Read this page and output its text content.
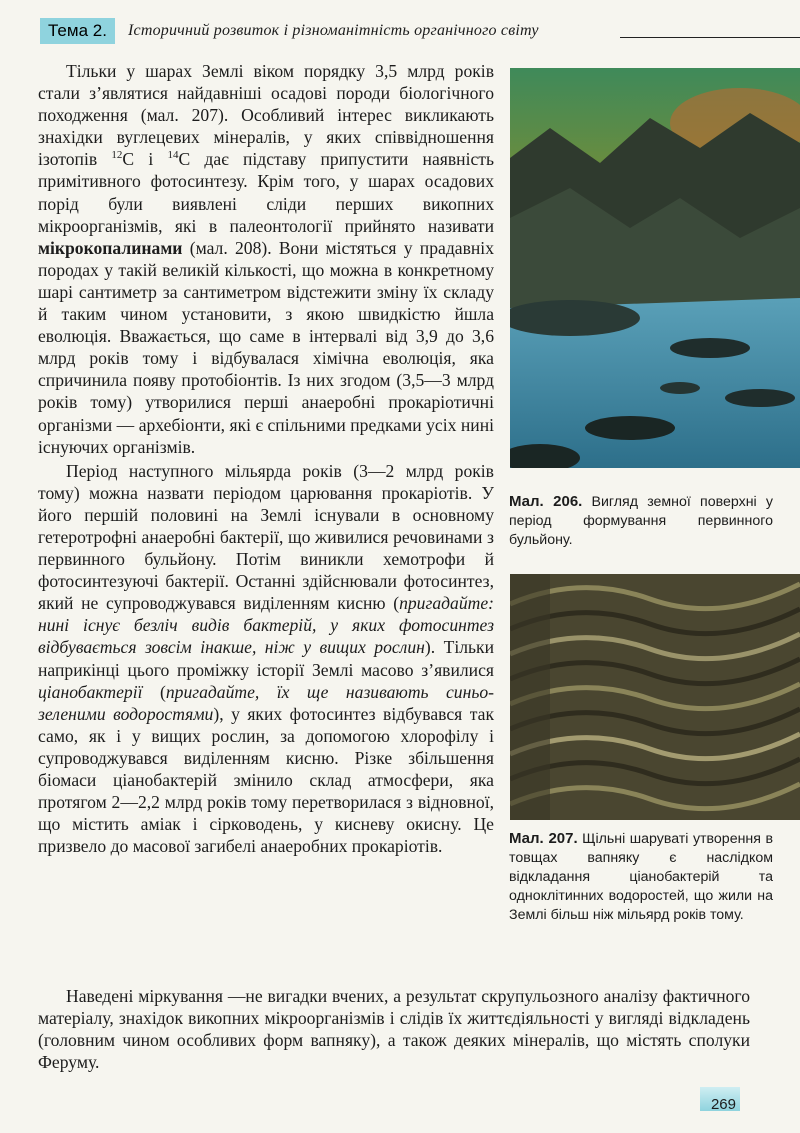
Тема 2.	Історичний розвиток і різноманітність органічного світу

Тільки у шарах Землі віком порядку 3,5 млрд років стали з’являтися найдавніші осадові породи біологічного походження (мал. 207). Особливий інтерес викликають знахідки вуглецевих мінералів, у яких співвідношення ізотопів $^{12}$С і $^{14}$С дає підставу припустити наявність примітивного фотосинтезу. Крім того, у шарах осадових порід були виявлені сліди перших викопних мікроорганізмів, які в палеонтології прийнято називати мікрокопалинами (мал. 208). Вони містяться у прадавніх породах у такій великій кількості, що можна в конкретному шарі сантиметр за сантиметром відстежити зміну їх складу й таким чином установити, з якою швидкістю йшла еволюція. Вважається, що саме в інтервалі від 3,9 до 3,6 млрд років тому і відбувалася хімічна еволюція, яка спричинила появу протобіонтів. Із них згодом (3,5—3 млрд років тому) утворилися перші анаеробні прокаріотичні організми — архебіонти, які є спільними предками усіх нині існуючих організмів.

Період наступного мільярда років (3—2 млрд років тому) можна назвати періодом царювання прокаріотів. У його першій половині на Землі існували в основному гетеротрофні анаеробні бактерії, що живилися речовинами з первинного бульйону. Потім виникли хемотрофи й фотосинтезуючі бактерії. Останні здійснювали фотосинтез, який не супроводжувався виділенням кисню (пригадайте: нині існує безліч видів бактерій, у яких фотосинтез відбувається зовсім інакше, ніж у вищих рослин). Тільки наприкінці цього проміжку історії Землі масово з’явилися ціанобактерії (пригадайте, їх ще називають синьо-зеленими водоростями), у яких фотосинтез відбувався так само, як і у вищих рослин, за допомогою хлорофілу і супроводжувався виділенням кисню. Різке збільшення біомаси ціанобактерій змінило склад атмосфери, яка протягом 2—2,2 млрд років тому перетворилася з відновної, що містить аміак і сірководень, у кисневу окисну. Це призвело до масової загибелі анаеробних прокаріотів.

Наведені міркування —не вигадки вчених, а результат скрупульозного аналізу фактичного матеріалу, знахідок викопних мікроорганізмів і слідів їх життєдіяльності у вигляді відкладень (головним чином особливих форм вапняку), а також деяких мінералів, що містять сполуки Феруму.

Мал. 206. Вигляд земної поверхні у період формування первинного бульйону.
Мал. 207. Щільні шаруваті утворення в товщах вапняку є наслідком відкладання ціанобактерій та одноклітинних водоростей, що жили на Землі більш ніж мільярд років тому.
269
